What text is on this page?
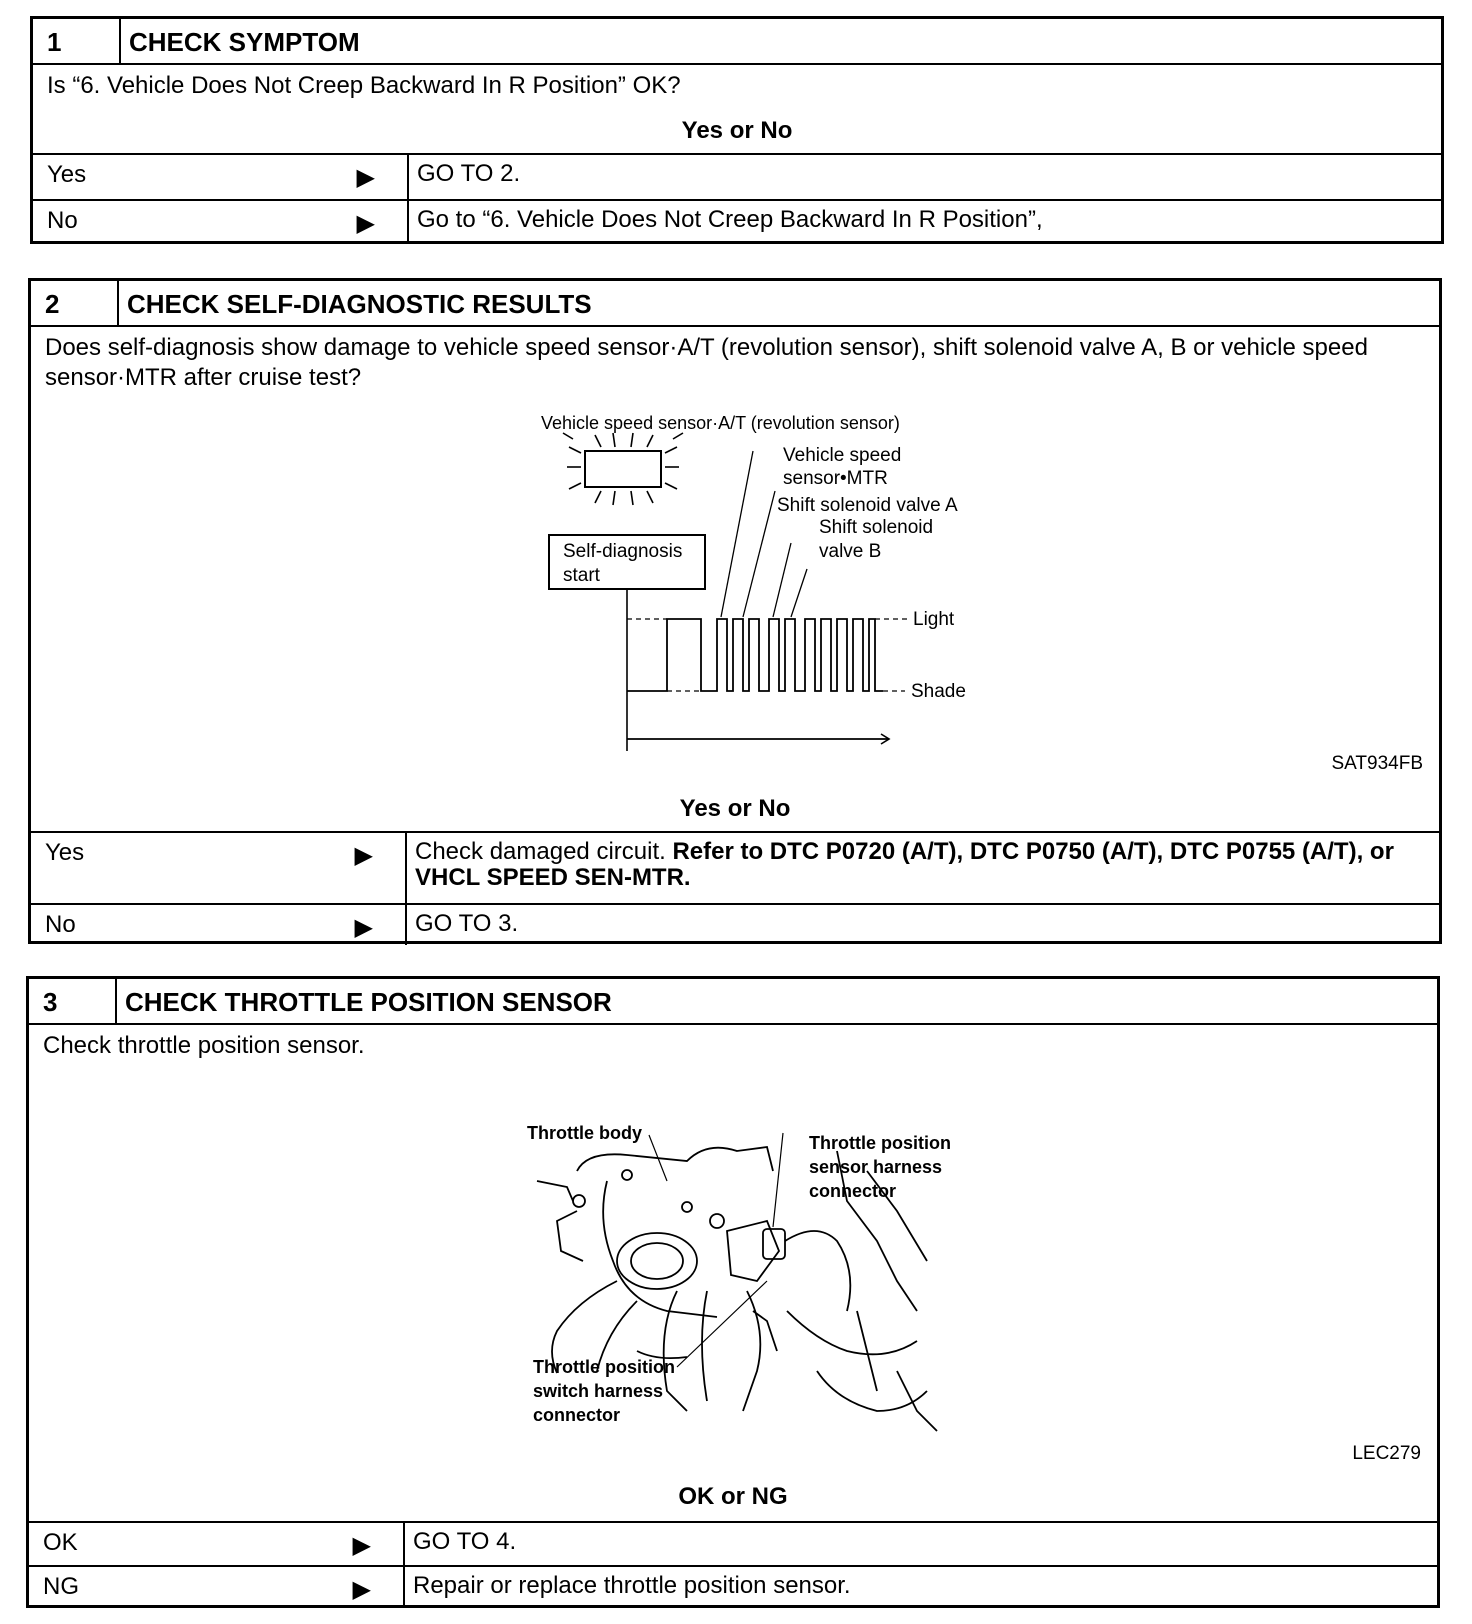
1	CHECK SYMPTOM
Is “6. Vehicle Does Not Creep Backward In R Position” OK?
Yes or No
Yes	▶	GO TO 2.
No	▶	Go to “6. Vehicle Does Not Creep Backward In R Position”,
2	CHECK SELF-DIAGNOSTIC RESULTS
Does self-diagnosis show damage to vehicle speed sensor·A/T (revolution sensor), shift solenoid valve A, B or vehicle speed sensor·MTR after cruise test?
Self-diagnosis
start
Vehicle speed sensor·A/T (revolution sensor)
Vehicle speed
sensor•MTR
Shift solenoid valve A
Shift solenoid
valve B
Light
Shade
SAT934FB
Yes or No
Yes	▶	Check damaged circuit. Refer to DTC P0720 (A/T), DTC P0750 (A/T), DTC P0755 (A/T), or VHCL SPEED SEN-MTR.
No	▶	GO TO 3.
3	CHECK THROTTLE POSITION SENSOR
Check throttle position sensor.
Throttle body	Throttle position
sensor harness
connector
Throttle position
switch harness
connector
LEC279
OK or NG
OK	▶	GO TO 4.
NG	▶	Repair or replace throttle position sensor.
